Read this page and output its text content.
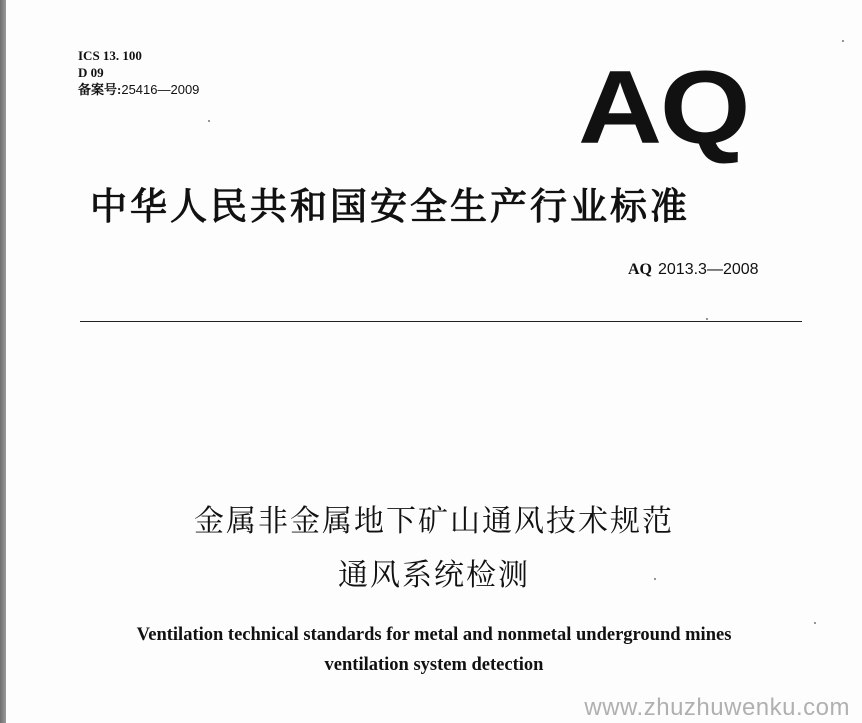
ICS 13. 100
D 09
备案号:25416—2009	AQ
中华人民共和国安全生产行业标准
AQ 2013.3—2008
金属非金属地下矿山通风技术规范
通风系统检测
Ventilation technical standards for metal and nonmetal underground mines
ventilation system detection
www.zhuzhuwenku.com
